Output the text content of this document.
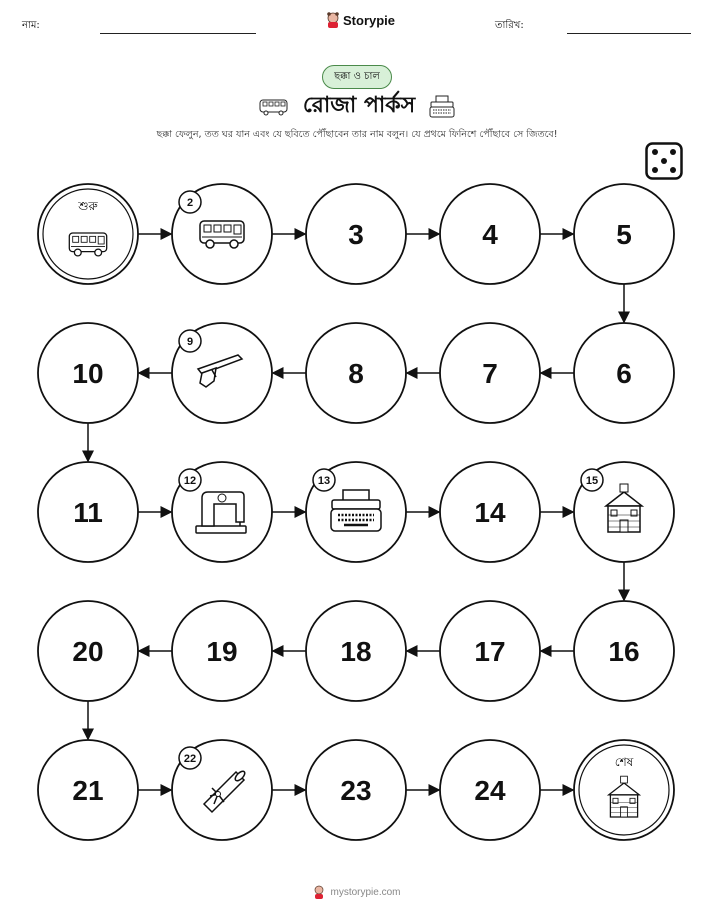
নাম:	Storypie	তারিখ:
ছক্কা ও চাল
রোজা পার্কস
ছক্কা ফেলুন, তত ঘর যান এবং যে ছবিতে পৌঁছাবেন তার নাম বলুন। যে প্রথমে ফিনিশে পৌঁছাবে সে জিতবে!
শুরু	2
3	4	5
6
7
8
9
10
11
12	13
14
15
16
17
18
19
20
21
22
23	24
শেষ
mystorypie.com
